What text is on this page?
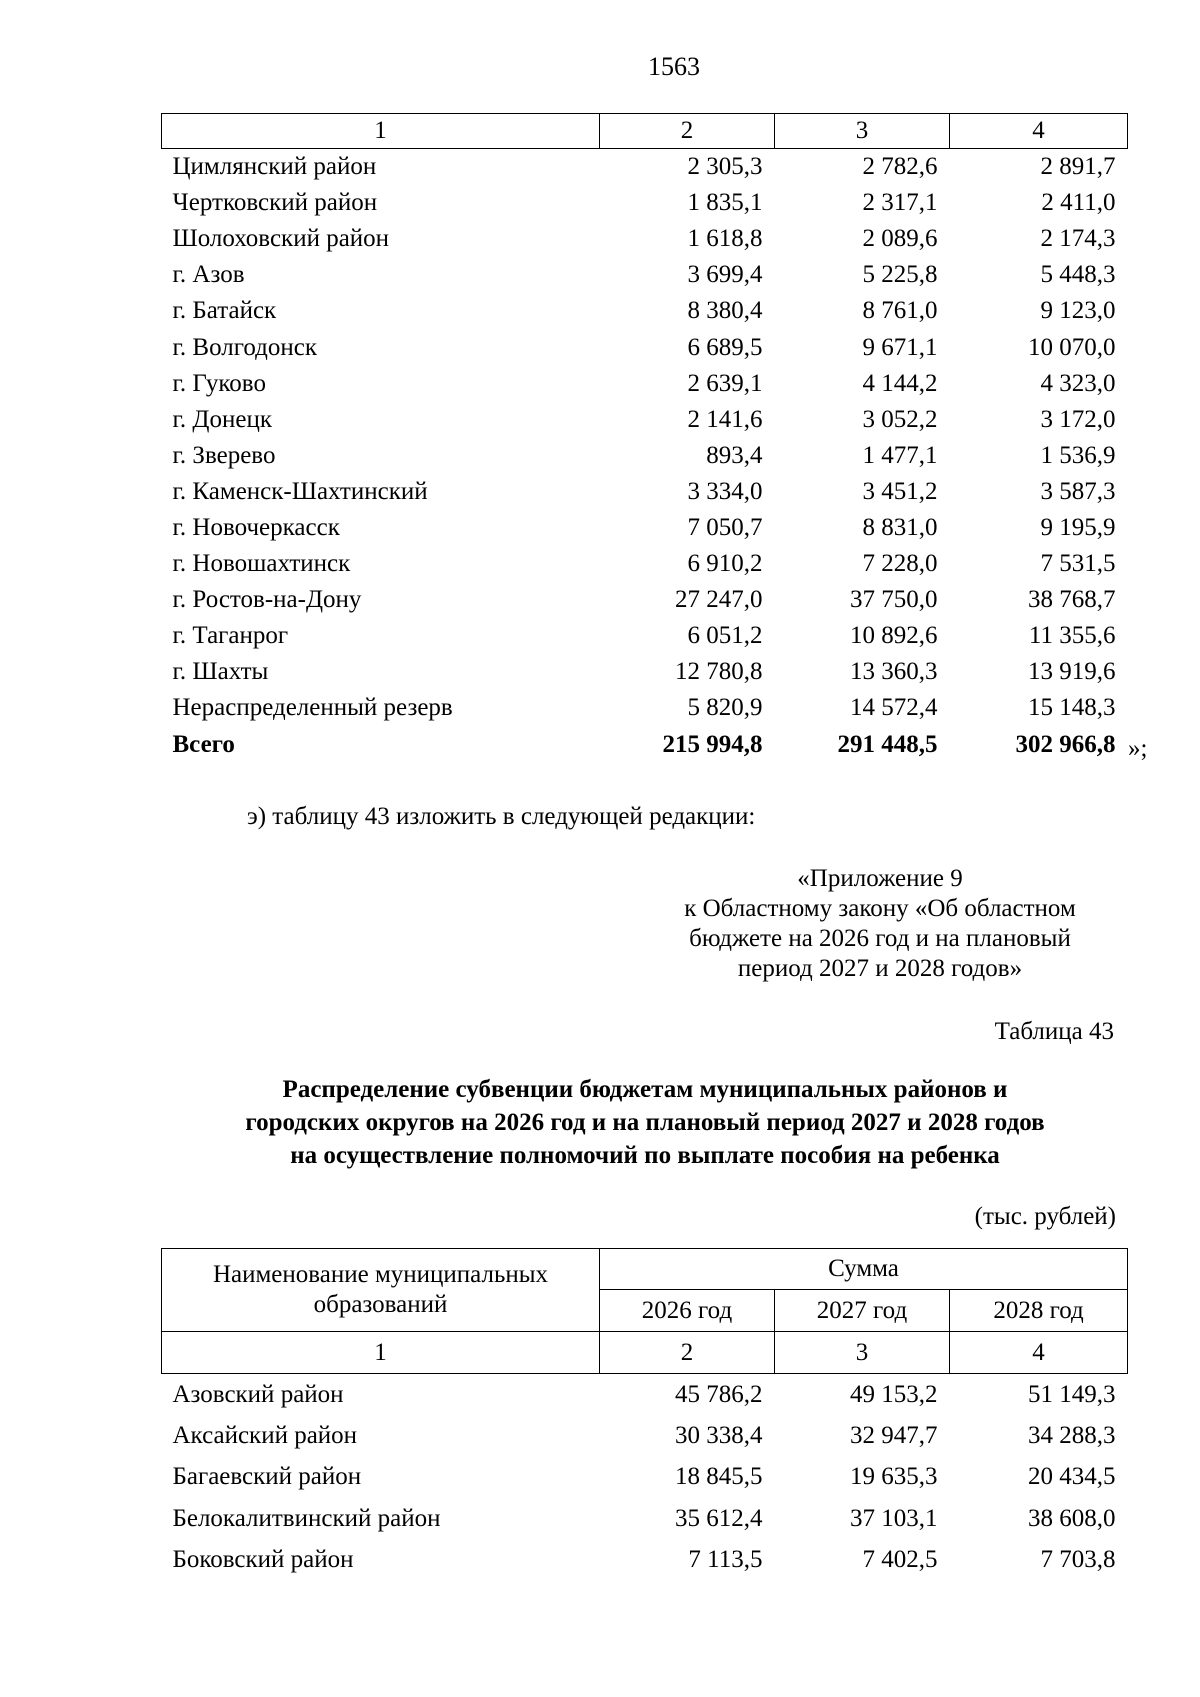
1563
1	2	3	4
Цимлянский район	2 305,3	2 782,6	2 891,7
Чертковский район	1 835,1	2 317,1	2 411,0
Шолоховский район	1 618,8	2 089,6	2 174,3
г. Азов	3 699,4	5 225,8	5 448,3
г. Батайск	8 380,4	8 761,0	9 123,0
г. Волгодонск	6 689,5	9 671,1	10 070,0
г. Гуково	2 639,1	4 144,2	4 323,0
г. Донецк	2 141,6	3 052,2	3 172,0
г. Зверево	893,4	1 477,1	1 536,9
г. Каменск-Шахтинский	3 334,0	3 451,2	3 587,3
г. Новочеркасск	7 050,7	8 831,0	9 195,9
г. Новошахтинск	6 910,2	7 228,0	7 531,5
г. Ростов-на-Дону	27 247,0	37 750,0	38 768,7
г. Таганрог	6 051,2	10 892,6	11 355,6
г. Шахты	12 780,8	13 360,3	13 919,6
Нераспределенный резерв	5 820,9	14 572,4	15 148,3
Всего	215 994,8	291 448,5	302 966,8 »;
э) таблицу 43 изложить в следующей редакции:
«Приложение 9
к Областному закону «Об областном
бюджете на 2026 год и на плановый
период 2027 и 2028 годов»
Таблица 43
Распределение субвенции бюджетам муниципальных районов и
городских округов на 2026 год и на плановый период 2027 и 2028 годов
на осуществление полномочий по выплате пособия на ребенка
(тыс. рублей)
Наименование муниципальных
образований	Сумма		
	2026 год	2027 год	2028 год
1	2	3	4
Азовский район	45 786,2	49 153,2	51 149,3
Аксайский район	30 338,4	32 947,7	34 288,3
Багаевский район	18 845,5	19 635,3	20 434,5
Белокалитвинский район	35 612,4	37 103,1	38 608,0
Боковский район	7 113,5	7 402,5	7 703,8
